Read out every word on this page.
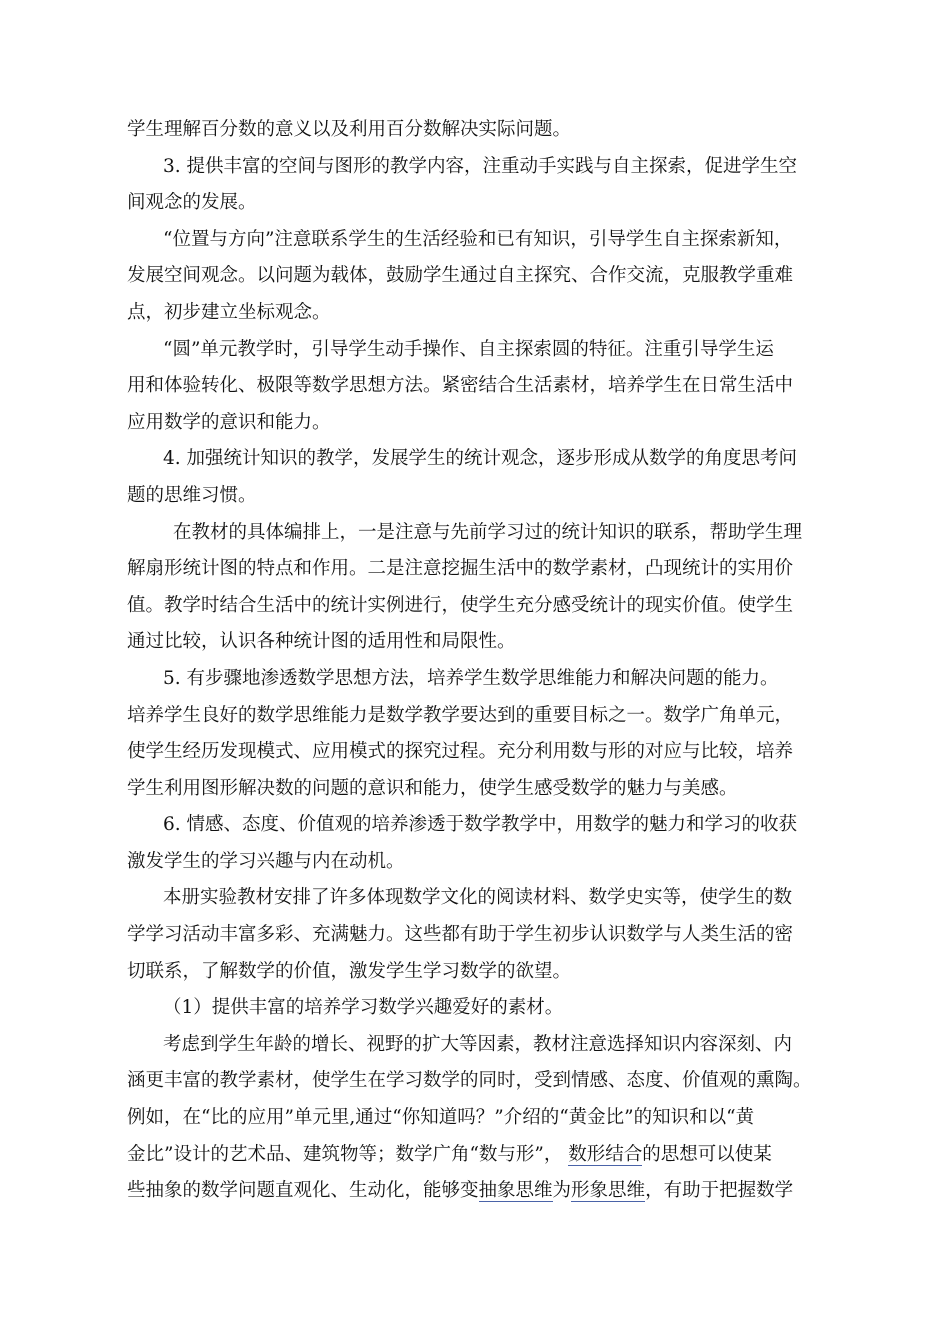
学生理解百分数的意义以及利用百分数解决实际问题。

3. 提供丰富的空间与图形的教学内容，注重动手实践与自主探索，促进学生空

间观念的发展。

“位置与方向”注意联系学生的生活经验和已有知识，引导学生自主探索新知，

发展空间观念。以问题为载体，鼓励学生通过自主探究、合作交流，克服教学重难

点，初步建立坐标观念。

“圆”单元教学时，引导学生动手操作、自主探索圆的特征。注重引导学生运

用和体验转化、极限等数学思想方法。紧密结合生活素材，培养学生在日常生活中

应用数学的意识和能力。

4. 加强统计知识的教学，发展学生的统计观念，逐步形成从数学的角度思考问

题的思维习惯。

在教材的具体编排上，一是注意与先前学习过的统计知识的联系，帮助学生理

解扇形统计图的特点和作用。二是注意挖掘生活中的数学素材，凸现统计的实用价

值。教学时结合生活中的统计实例进行，使学生充分感受统计的现实价值。使学生

通过比较，认识各种统计图的适用性和局限性。

5. 有步骤地渗透数学思想方法，培养学生数学思维能力和解决问题的能力。

培养学生良好的数学思维能力是数学教学要达到的重要目标之一。数学广角单元，

使学生经历发现模式、应用模式的探究过程。充分利用数与形的对应与比较，培养

学生利用图形解决数的问题的意识和能力，使学生感受数学的魅力与美感。

6. 情感、态度、价值观的培养渗透于数学教学中，用数学的魅力和学习的收获

激发学生的学习兴趣与内在动机。

本册实验教材安排了许多体现数学文化的阅读材料、数学史实等，使学生的数

学学习活动丰富多彩、充满魅力。这些都有助于学生初步认识数学与人类生活的密

切联系，了解数学的价值，激发学生学习数学的欲望。

（1）提供丰富的培养学习数学兴趣爱好的素材。

考虑到学生年龄的增长、视野的扩大等因素，教材注意选择知识内容深刻、内

涵更丰富的教学素材，使学生在学习数学的同时，受到情感、态度、价值观的熏陶。

例如，在“比的应用”单元里,通过“你知道吗？”介绍的“黄金比”的知识和以“黄

金比”设计的艺术品、建筑物等；数学广角“数与形”， 数形结合的思想可以使某

些抽象的数学问题直观化、生动化，能够变抽象思维为形象思维，有助于把握数学
